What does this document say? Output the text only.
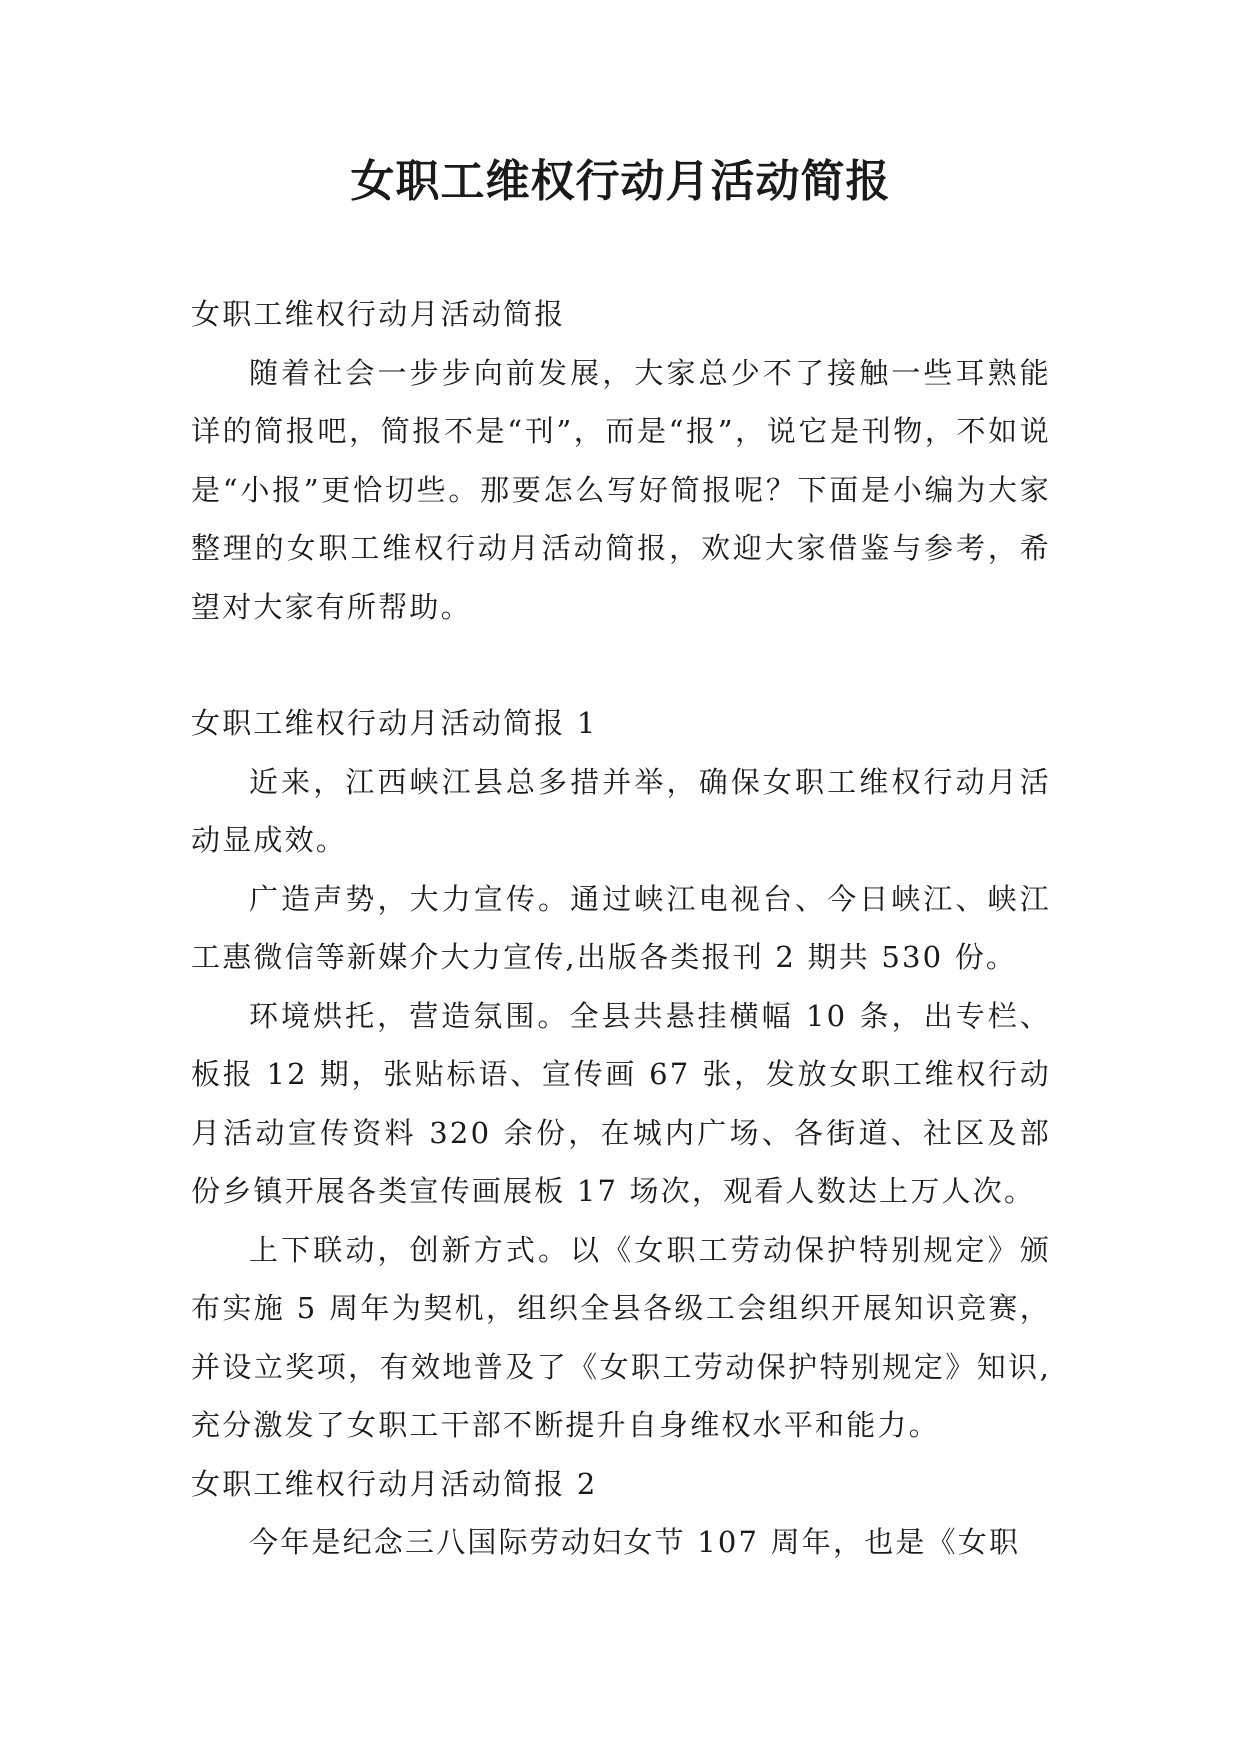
女职工维权行动月活动简报

女职工维权行动月活动简报

随着社会一步步向前发展，大家总少不了接触一些耳熟能详的简报吧，简报不是“刊”，而是“报”，说它是刊物，不如说是“小报”更恰切些。那要怎么写好简报呢？下面是小编为大家整理的女职工维权行动月活动简报，欢迎大家借鉴与参考，希望对大家有所帮助。

女职工维权行动月活动简报 1

近来，江西峡江县总多措并举，确保女职工维权行动月活动显成效。

广造声势，大力宣传。通过峡江电视台、今日峡江、峡江工惠微信等新媒介大力宣传,出版各类报刊 2 期共 530 份。

环境烘托，营造氛围。全县共悬挂横幅 10 条，出专栏、板报 12 期，张贴标语、宣传画 67 张，发放女职工维权行动月活动宣传资料 320 余份，在城内广场、各街道、社区及部份乡镇开展各类宣传画展板 17 场次，观看人数达上万人次。

上下联动，创新方式。以《女职工劳动保护特别规定》颁布实施 5 周年为契机，组织全县各级工会组织开展知识竞赛，并设立奖项，有效地普及了《女职工劳动保护特别规定》知识,充分激发了女职工干部不断提升自身维权水平和能力。

女职工维权行动月活动简报 2

今年是纪念三八国际劳动妇女节 107 周年，也是《女职
